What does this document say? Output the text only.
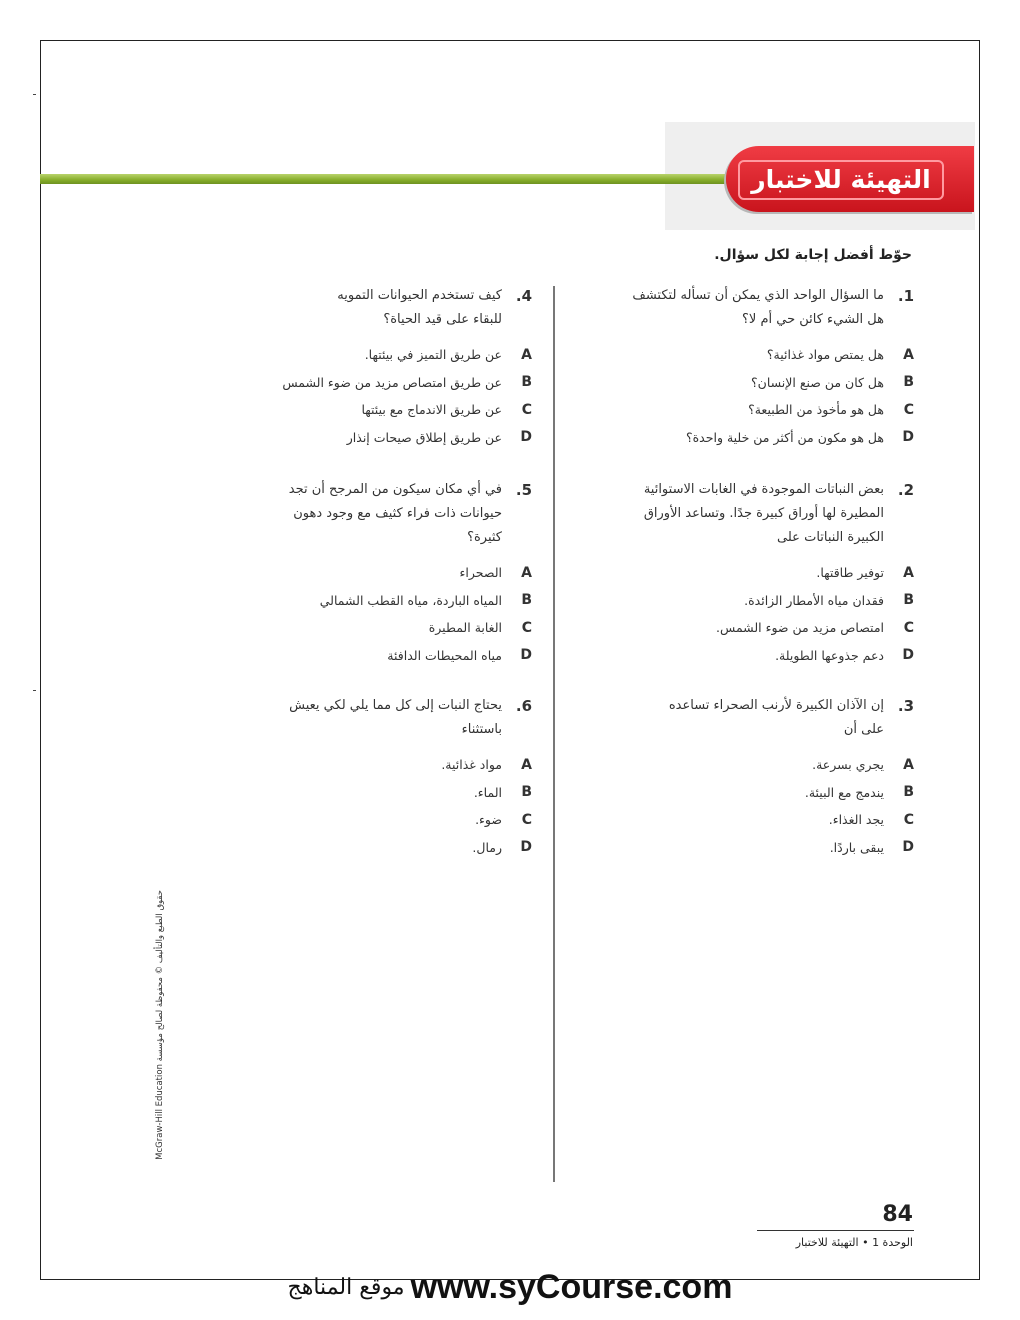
التهيئة للاختبار
حوّط أفضل إجابة لكل سؤال.
1.
ما السؤال الواحد الذي يمكن أن تسأله لتكتشف
هل الشيء كائن حي أم لا؟
A
هل يمتص مواد غذائية؟
B
هل كان من صنع الإنسان؟
C
هل هو مأخوذ من الطبيعة؟
D
هل هو مكون من أكثر من خلية واحدة؟
2.
بعض النباتات الموجودة في الغابات الاستوائية
المطيرة لها أوراق كبيرة جدًا. وتساعد الأوراق
الكبيرة النباتات على
A
توفير طاقتها.
B
فقدان مياه الأمطار الزائدة.
C
امتصاص مزيد من ضوء الشمس.
D
دعم جذوعها الطويلة.
3.
إن الآذان الكبيرة لأرنب الصحراء تساعده
على أن
A
يجري بسرعة.
B
يندمج مع البيئة.
C
يجد الغذاء.
D
يبقى باردًا.
4.
كيف تستخدم الحيوانات التمويه
للبقاء على قيد الحياة؟
A
عن طريق التميز في بيئتها.
B
عن طريق امتصاص مزيد من ضوء الشمس
C
عن طريق الاندماج مع بيئتها
D
عن طريق إطلاق صيحات إنذار
5.
في أي مكان سيكون من المرجح أن تجد
حيوانات ذات فراء كثيف مع وجود دهون
كثيرة؟
A
الصحراء
B
المياه الباردة، مياه القطب الشمالي
C
الغابة المطيرة
D
مياه المحيطات الدافئة
6.
يحتاج النبات إلى كل مما يلي لكي يعيش
باستثناء
A
مواد غذائية.
B
الماء.
C
ضوء.
D
رمال.
حقوق الطبع والتأليف © محفوظة لصالح مؤسسة McGraw-Hill Education
84
الوحدة 1 • التهيئة للاختبار
موقع المناهج www.syCourse.com
